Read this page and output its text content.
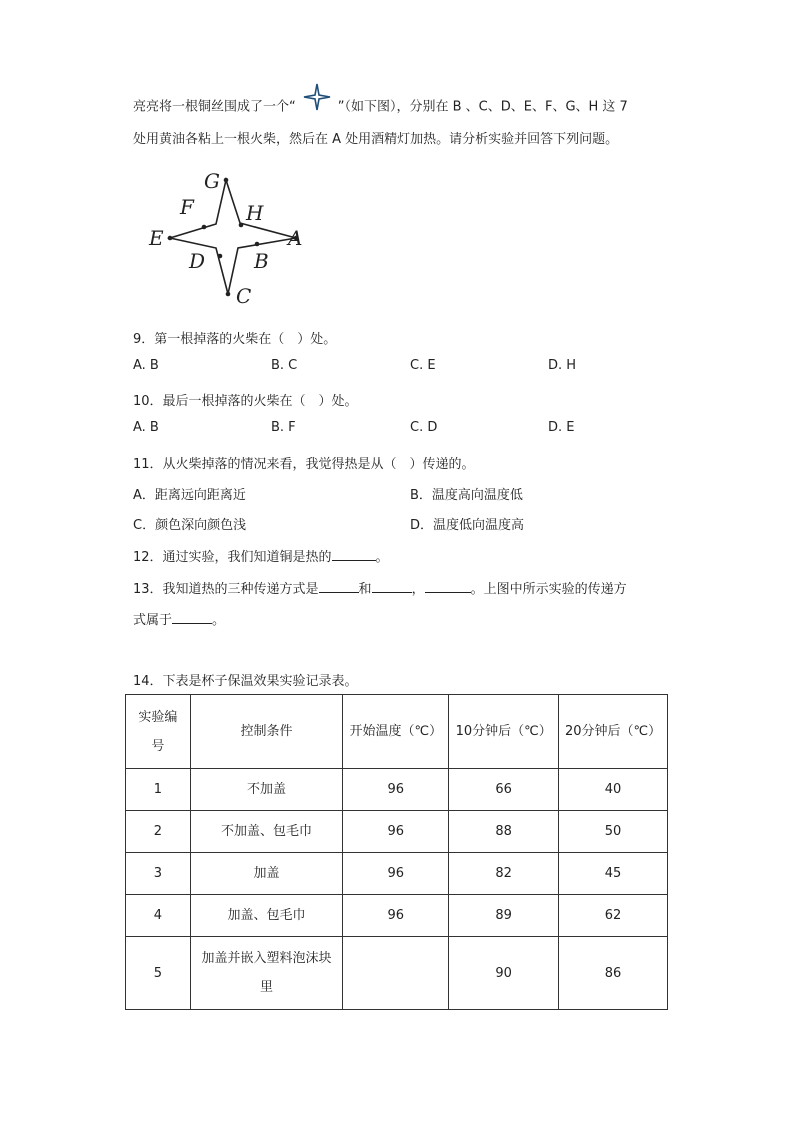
亮亮将一根铜丝围成了一个“	”（如下图），分别在 B 、C、D、E、F、G、H 这 7
处用黄油各粘上一根火柴，然后在 A 处用酒精灯加热。请分析实验并回答下列问题。
G
F	H
E	A
D B
C
9．第一根掉落的火柴在（　）处。
A. B	B. C	C. E	D. H
10．最后一根掉落的火柴在（　）处。
A. B	B. F	C. D	D. E
11．从火柴掉落的情况来看，我觉得热是从（　）传递的。
A．距离远向距离近	B．温度高向温度低
C．颜色深向颜色浅	D．温度低向温度高
12．通过实验，我们知道铜是热的	。
13．我知道热的三种传递方式是	和	，	。上图中所示实验的传递方
式属于	。
14．下表是杯子保温效果实验记录表。
实验编号	控制条件	开始温度（℃）	10分钟后（℃）	20分钟后（℃）
1	不加盖	96	66	40
2	不加盖、包毛巾	96	88	50
3	加盖	96	82	45
4	加盖、包毛巾	96	89	62
5	加盖并嵌入塑料泡沫块里		90	86
